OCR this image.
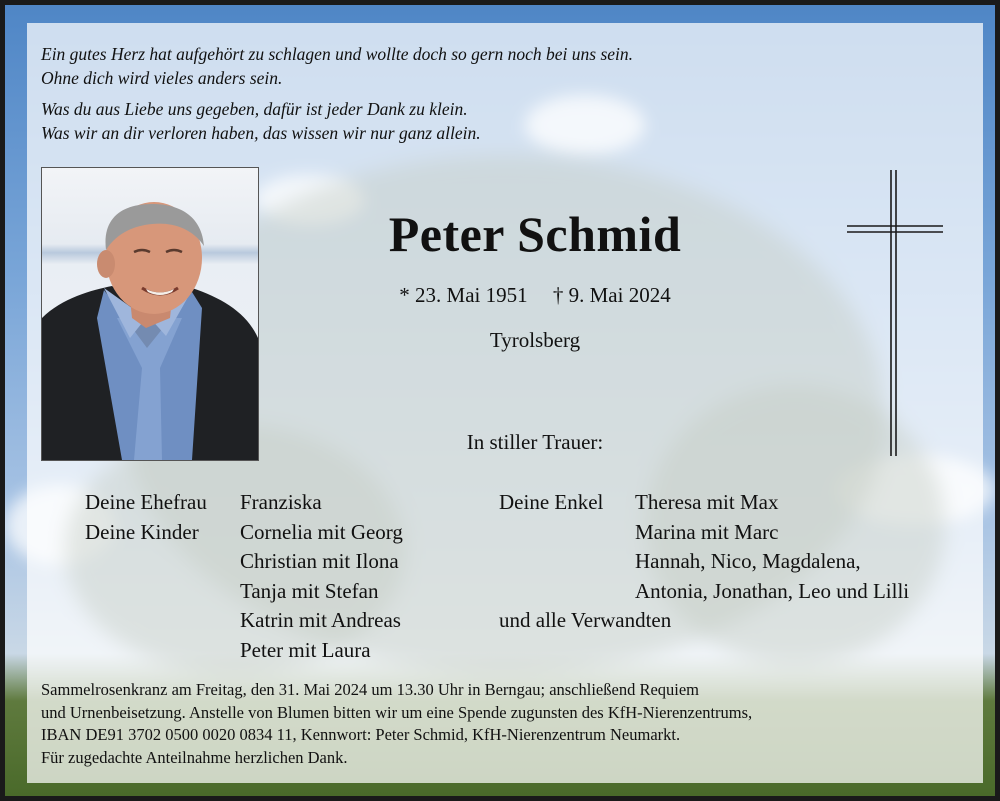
Ein gutes Herz hat aufgehört zu schlagen und wollte doch so gern noch bei uns sein.

Ohne dich wird vieles anders sein.

Was du aus Liebe uns gegeben, dafür ist jeder Dank zu klein.

Was wir an dir verloren haben, das wissen wir nur ganz allein.

Peter Schmid
* 23. Mai 1951 † 9. Mai 2024
Tyrolsberg
In stiller Trauer:
Deine Ehefrau
Deine Kinder
Franziska
Cornelia mit Georg
Christian mit Ilona
Tanja mit Stefan
Katrin mit Andreas
Peter mit Laura
Deine Enkel
und alle Verwandten
Theresa mit Max
Marina mit Marc
Hannah, Nico, Magdalena,
Antonia, Jonathan, Leo und Lilli
Sammelrosenkranz am Freitag, den 31. Mai 2024 um 13.30 Uhr in Berngau; anschließend Requiem
und Urnenbeisetzung. Anstelle von Blumen bitten wir um eine Spende zugunsten des KfH-Nierenzentrums,
IBAN DE91 3702 0500 0020 0834 11, Kennwort: Peter Schmid, KfH-Nierenzentrum Neumarkt.
Für zugedachte Anteilnahme herzlichen Dank.
